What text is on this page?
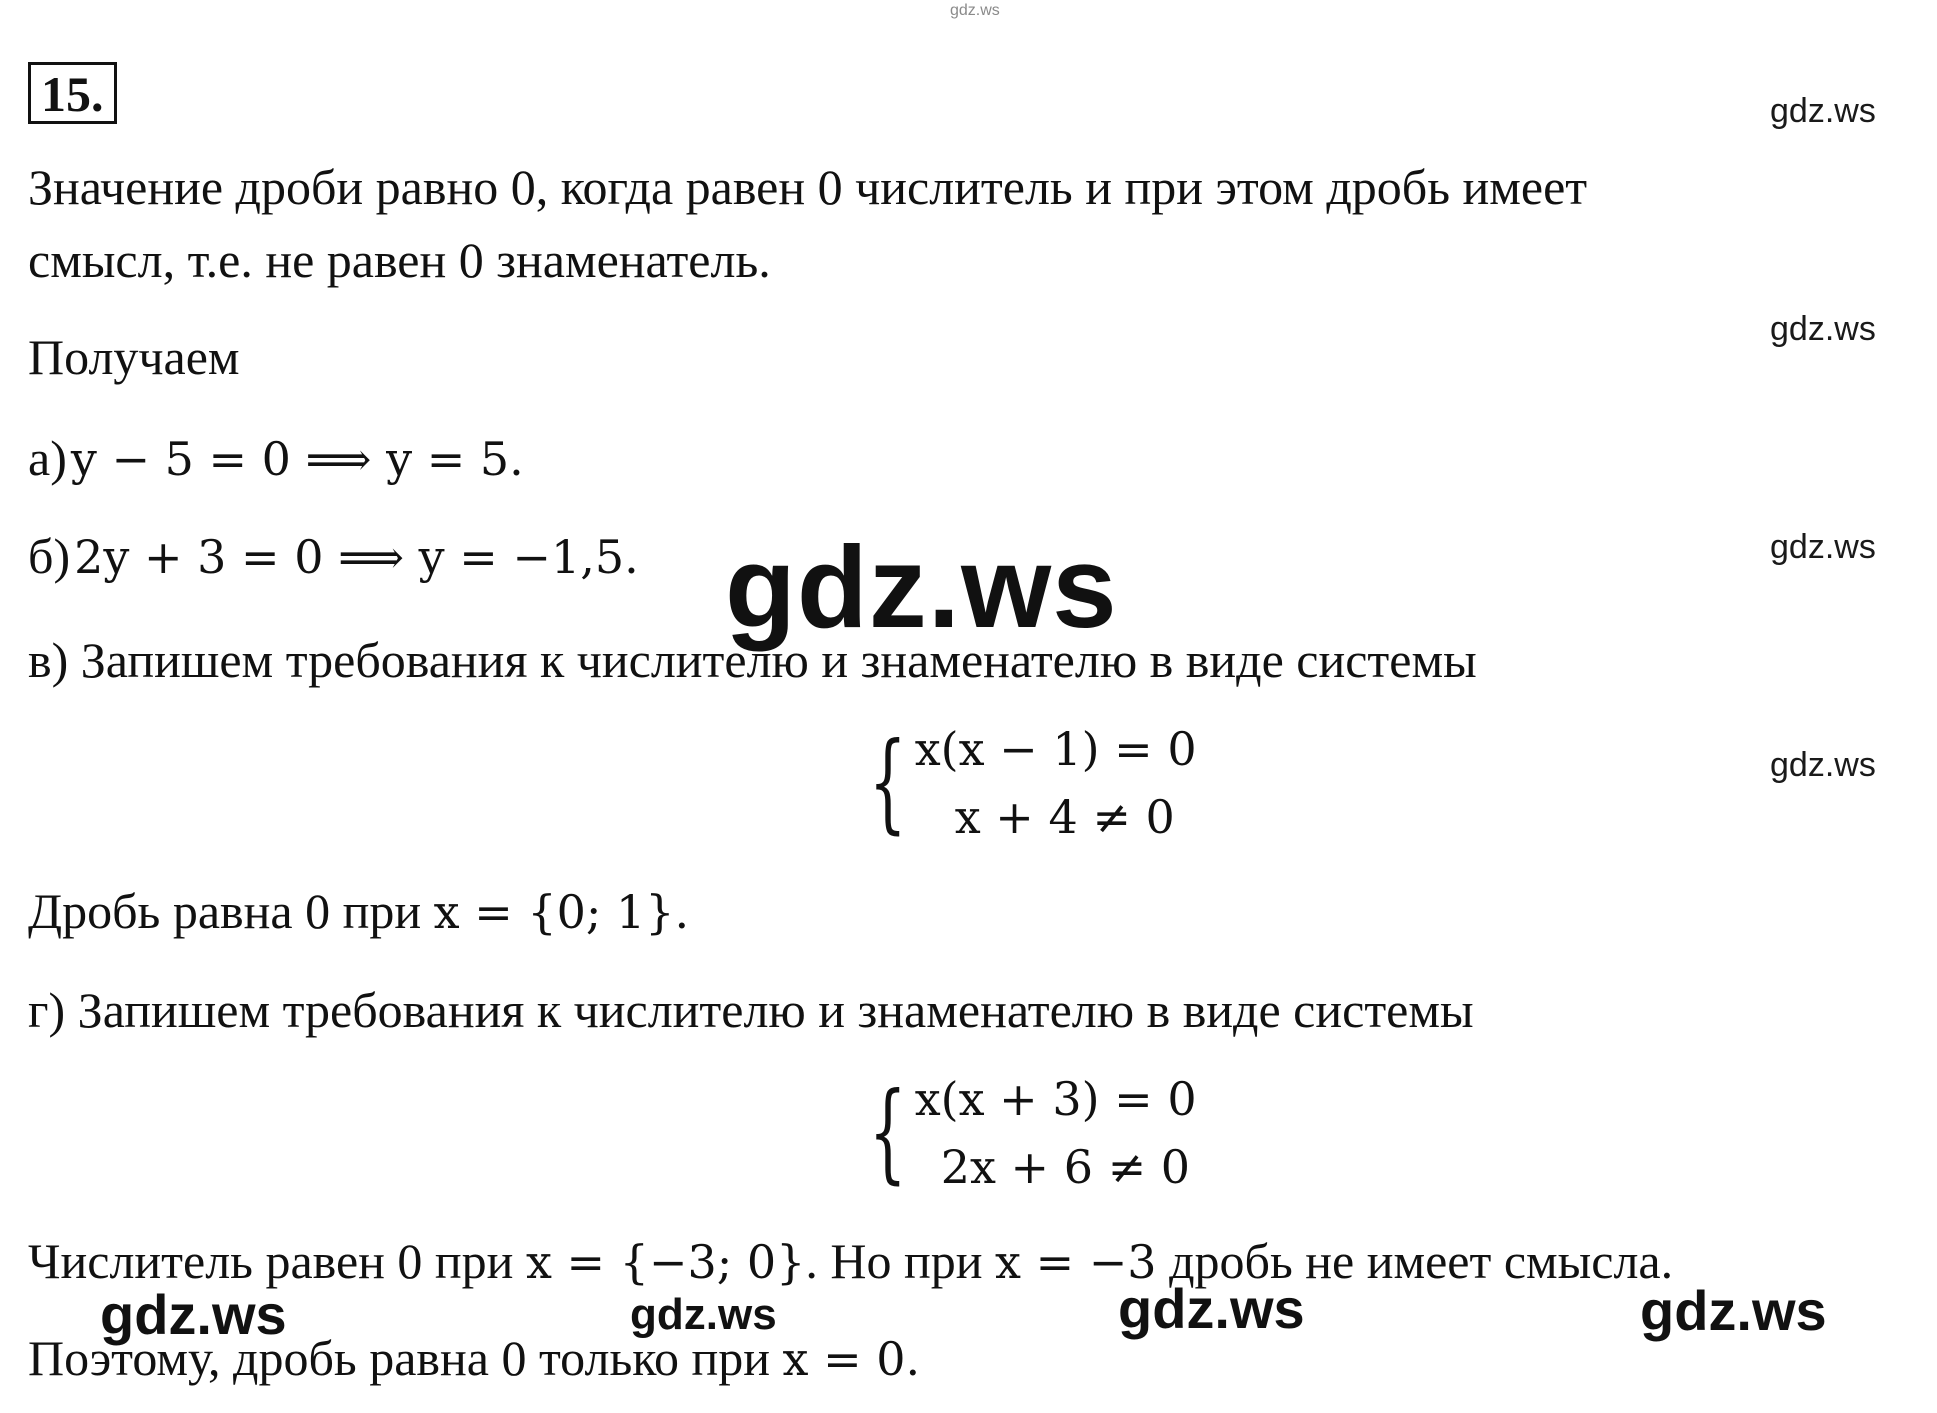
gdz.ws
15.	gdz.ws
gdz.ws
gdz.ws
gdz.ws
Значение дроби равно 0, когда равен 0 числитель и при этом дробь имеет
смысл, т.е. не равен 0 знаменатель.
Получаем
а) y − 5 = 0 ⟹ y = 5.
б) 2y + 3 = 0 ⟹ y = −1,5. gdz.ws
в) Запишем требования к числителю и знаменателю в виде системы
{ x(x − 1) = 0
x + 4 ≠ 0
Дробь равна 0 при x = {0; 1}.
г) Запишем требования к числителю и знаменателю в виде системы
{ x(x + 3) = 0
2x + 6 ≠ 0
Числитель равен 0 при x = {−3; 0}. Но при x = −3 дробь не имеет смысла.
gdz.ws	gdz.ws	gdz.ws	gdz.ws
Поэтому, дробь равна 0 только при x = 0.
